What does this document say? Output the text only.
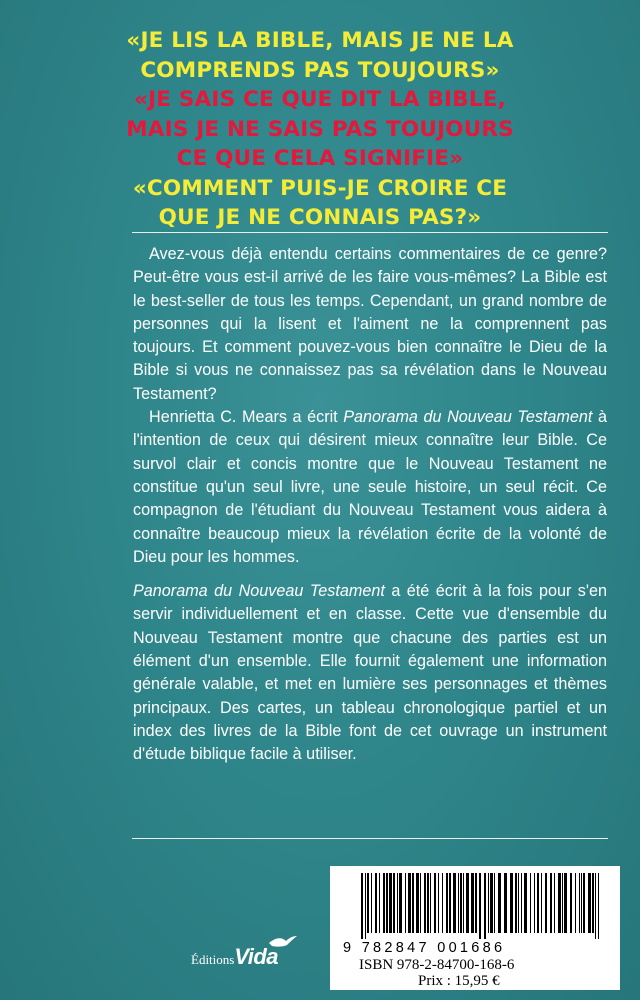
«JE LIS LA BIBLE, MAIS JE NE LA
COMPRENDS PAS TOUJOURS»

«JE SAIS CE QUE DIT LA BIBLE,
MAIS JE NE SAIS PAS TOUJOURS
CE QUE CELA SIGNIFIE»

«COMMENT PUIS-JE CROIRE CE
QUE JE NE CONNAIS PAS?»

Avez-vous déjà entendu certains commentaires de ce genre? Peut-être vous est-il arrivé de les faire vous-mêmes? La Bible est le best-seller de tous les temps. Cependant, un grand nombre de personnes qui la lisent et l'aiment ne la comprennent pas toujours. Et comment pouvez-vous bien connaître le Dieu de la Bible si vous ne connaissez pas sa révélation dans le Nouveau Testament?

Henrietta C. Mears a écrit Panorama du Nouveau Testament à l'intention de ceux qui désirent mieux connaître leur Bible. Ce survol clair et concis montre que le Nouveau Testament ne constitue qu'un seul livre, une seule histoire, un seul récit. Ce compagnon de l'étudiant du Nouveau Testament vous aidera à connaître beaucoup mieux la révélation écrite de la volonté de Dieu pour les hommes.

Panorama du Nouveau Testament a été écrit à la fois pour s'en servir individuellement et en classe. Cette vue d'ensemble du Nouveau Testament montre que chacune des parties est un élément d'un ensemble. Elle fournit également une information générale valable, et met en lumière ses personnages et thèmes principaux. Des cartes, un tableau chronologique partiel et un index des livres de la Bible font de cet ouvrage un instrument d'étude biblique facile à utiliser.

ÉditionsVida	9 782847 001686
ISBN 978-2-84700-168-6
Prix : 15,95 €
